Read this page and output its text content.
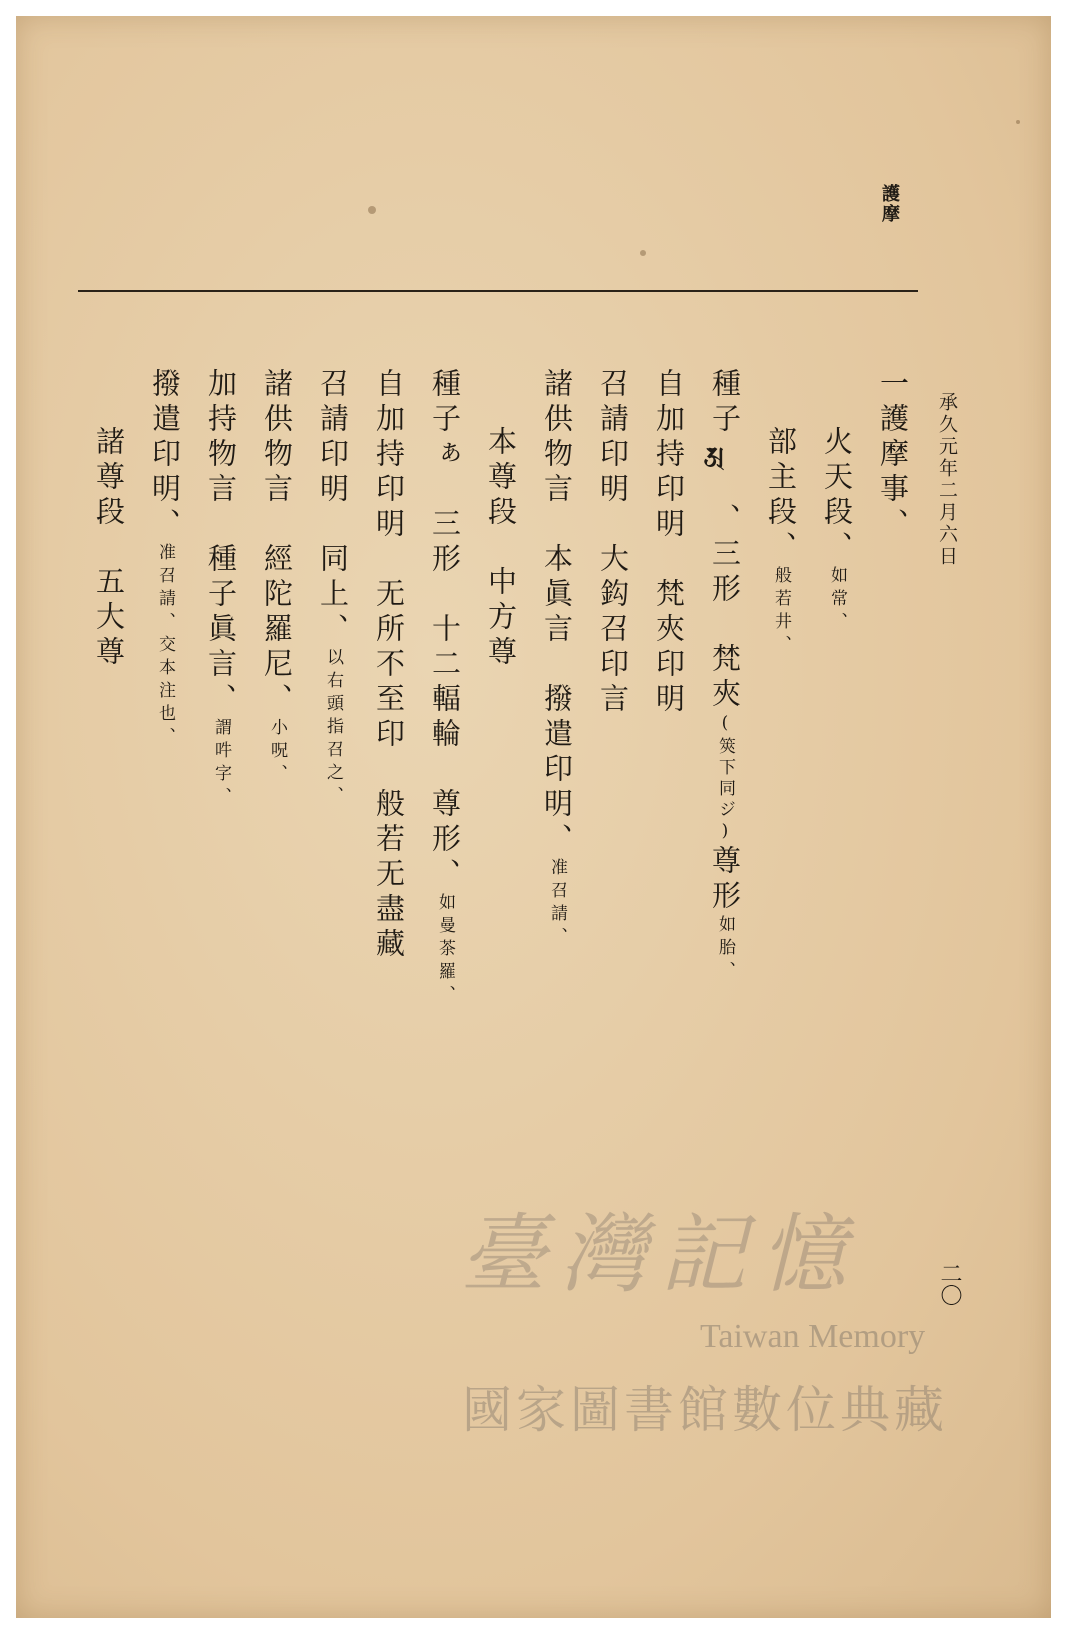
護摩
承久元年二月六日
一護摩事、
火天段、如常、
部主段、般若井、
種子𑖀、三形　梵夾(筴下同ジ)尊形如胎、
自加持印明　梵夾印明
召請印明　大鈎召印言
諸供物言　本眞言　撥遣印明、准召請、
本尊段　中方尊
種子ぁ　三形　十二輻輪　尊形、如曼茶羅、
自加持印明　无所不至印　般若无盡藏
召請印明　同上、以右頭指召之、
諸供物言　經陀羅尼、小呪、
加持物言　種子眞言、謂吽字、
撥遣印明、准召請、交本注也、
諸尊段　五大尊
二〇
臺灣記憶
Taiwan Memory
國家圖書館數位典藏
